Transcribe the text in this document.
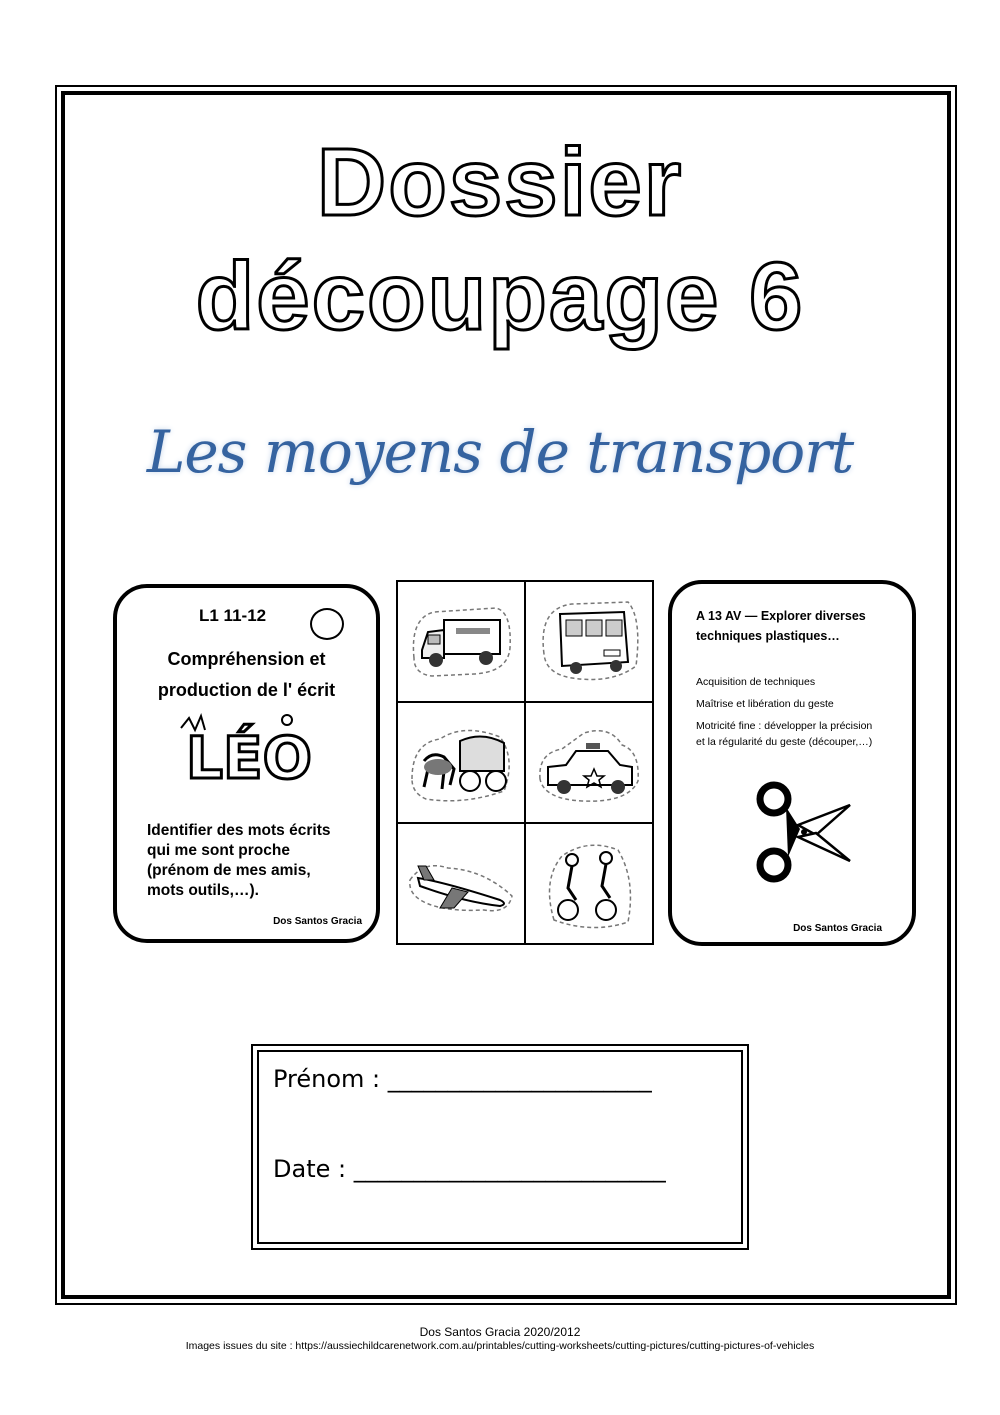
Dossier
découpage 6
Les moyens de transport
L1 11-12
Compréhension et
production de l' écrit
LÉO
Identifier des mots écrits
qui me sont proche
(prénom de mes amis,
mots outils,…).
Dos Santos Gracia
A 13 AV — Explorer diverses
techniques plastiques…
Acquisition de techniques
Maîtrise et libération du geste
Motricité fine : développer la précision
et la régularité du geste (découper,…)
Dos Santos Gracia
Prénom : ______________________
Date : __________________________
Dos Santos Gracia 2020/2012
Images issues du site : https://aussiechildcarenetwork.com.au/printables/cutting-worksheets/cutting-pictures/cutting-pictures-of-vehicles
